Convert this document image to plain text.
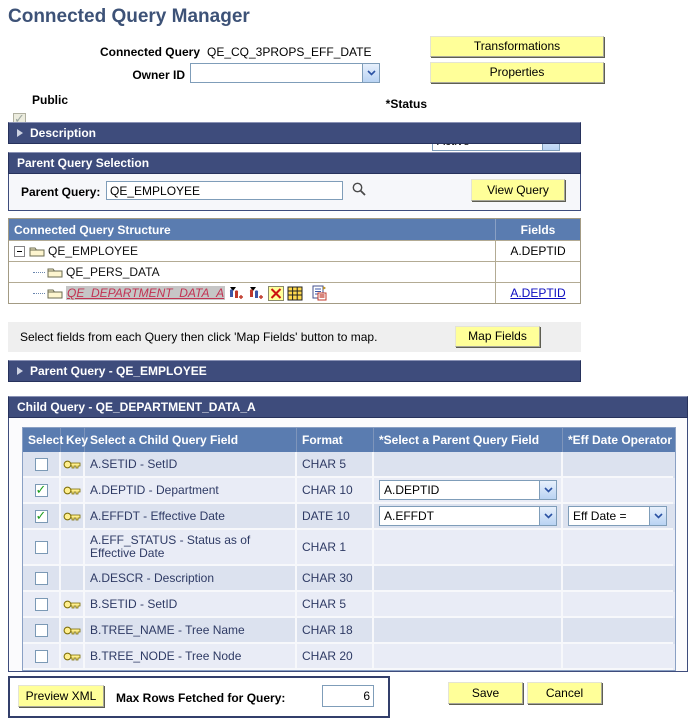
Connected Query Manager
Connected Query QE_CQ_3PROPS_EFF_DATE	Transformations
Owner ID	Properties
✓
Public	*Status
Description
Parent Query Selection
Parent Query:
QE_EMPLOYEE	View Query
Connected Query Structure	Fields
QE_EMPLOYEE	A.DEPTID
QE_PERS_DATA
QE_DEPARTMENT_DATA_A	A.DEPTID
Select fields from each Query then click 'Map Fields' button to map.	Map Fields
Parent Query - QE_EMPLOYEE
Child Query - QE_DEPARTMENT_DATA_A
Select Key Select a Child Query Field	Format	*Select a Parent Query Field	*Eff Date Operator
A.SETID - SetID	CHAR 5
✓
A.DEPTID - Department	CHAR 10	A.DEPTID
✓
A.EFFDT - Effective Date	DATE 10	A.EFFDT	Eff Date =
A.EFF_STATUS - Status as of Effective Date	CHAR 1
A.DESCR - Description	CHAR 30
B.SETID - SetID	CHAR 5
B.TREE_NAME - Tree Name	CHAR 18
B.TREE_NODE - Tree Node	CHAR 20
Preview XML	Max Rows Fetched for Query:
6	Save	Cancel
